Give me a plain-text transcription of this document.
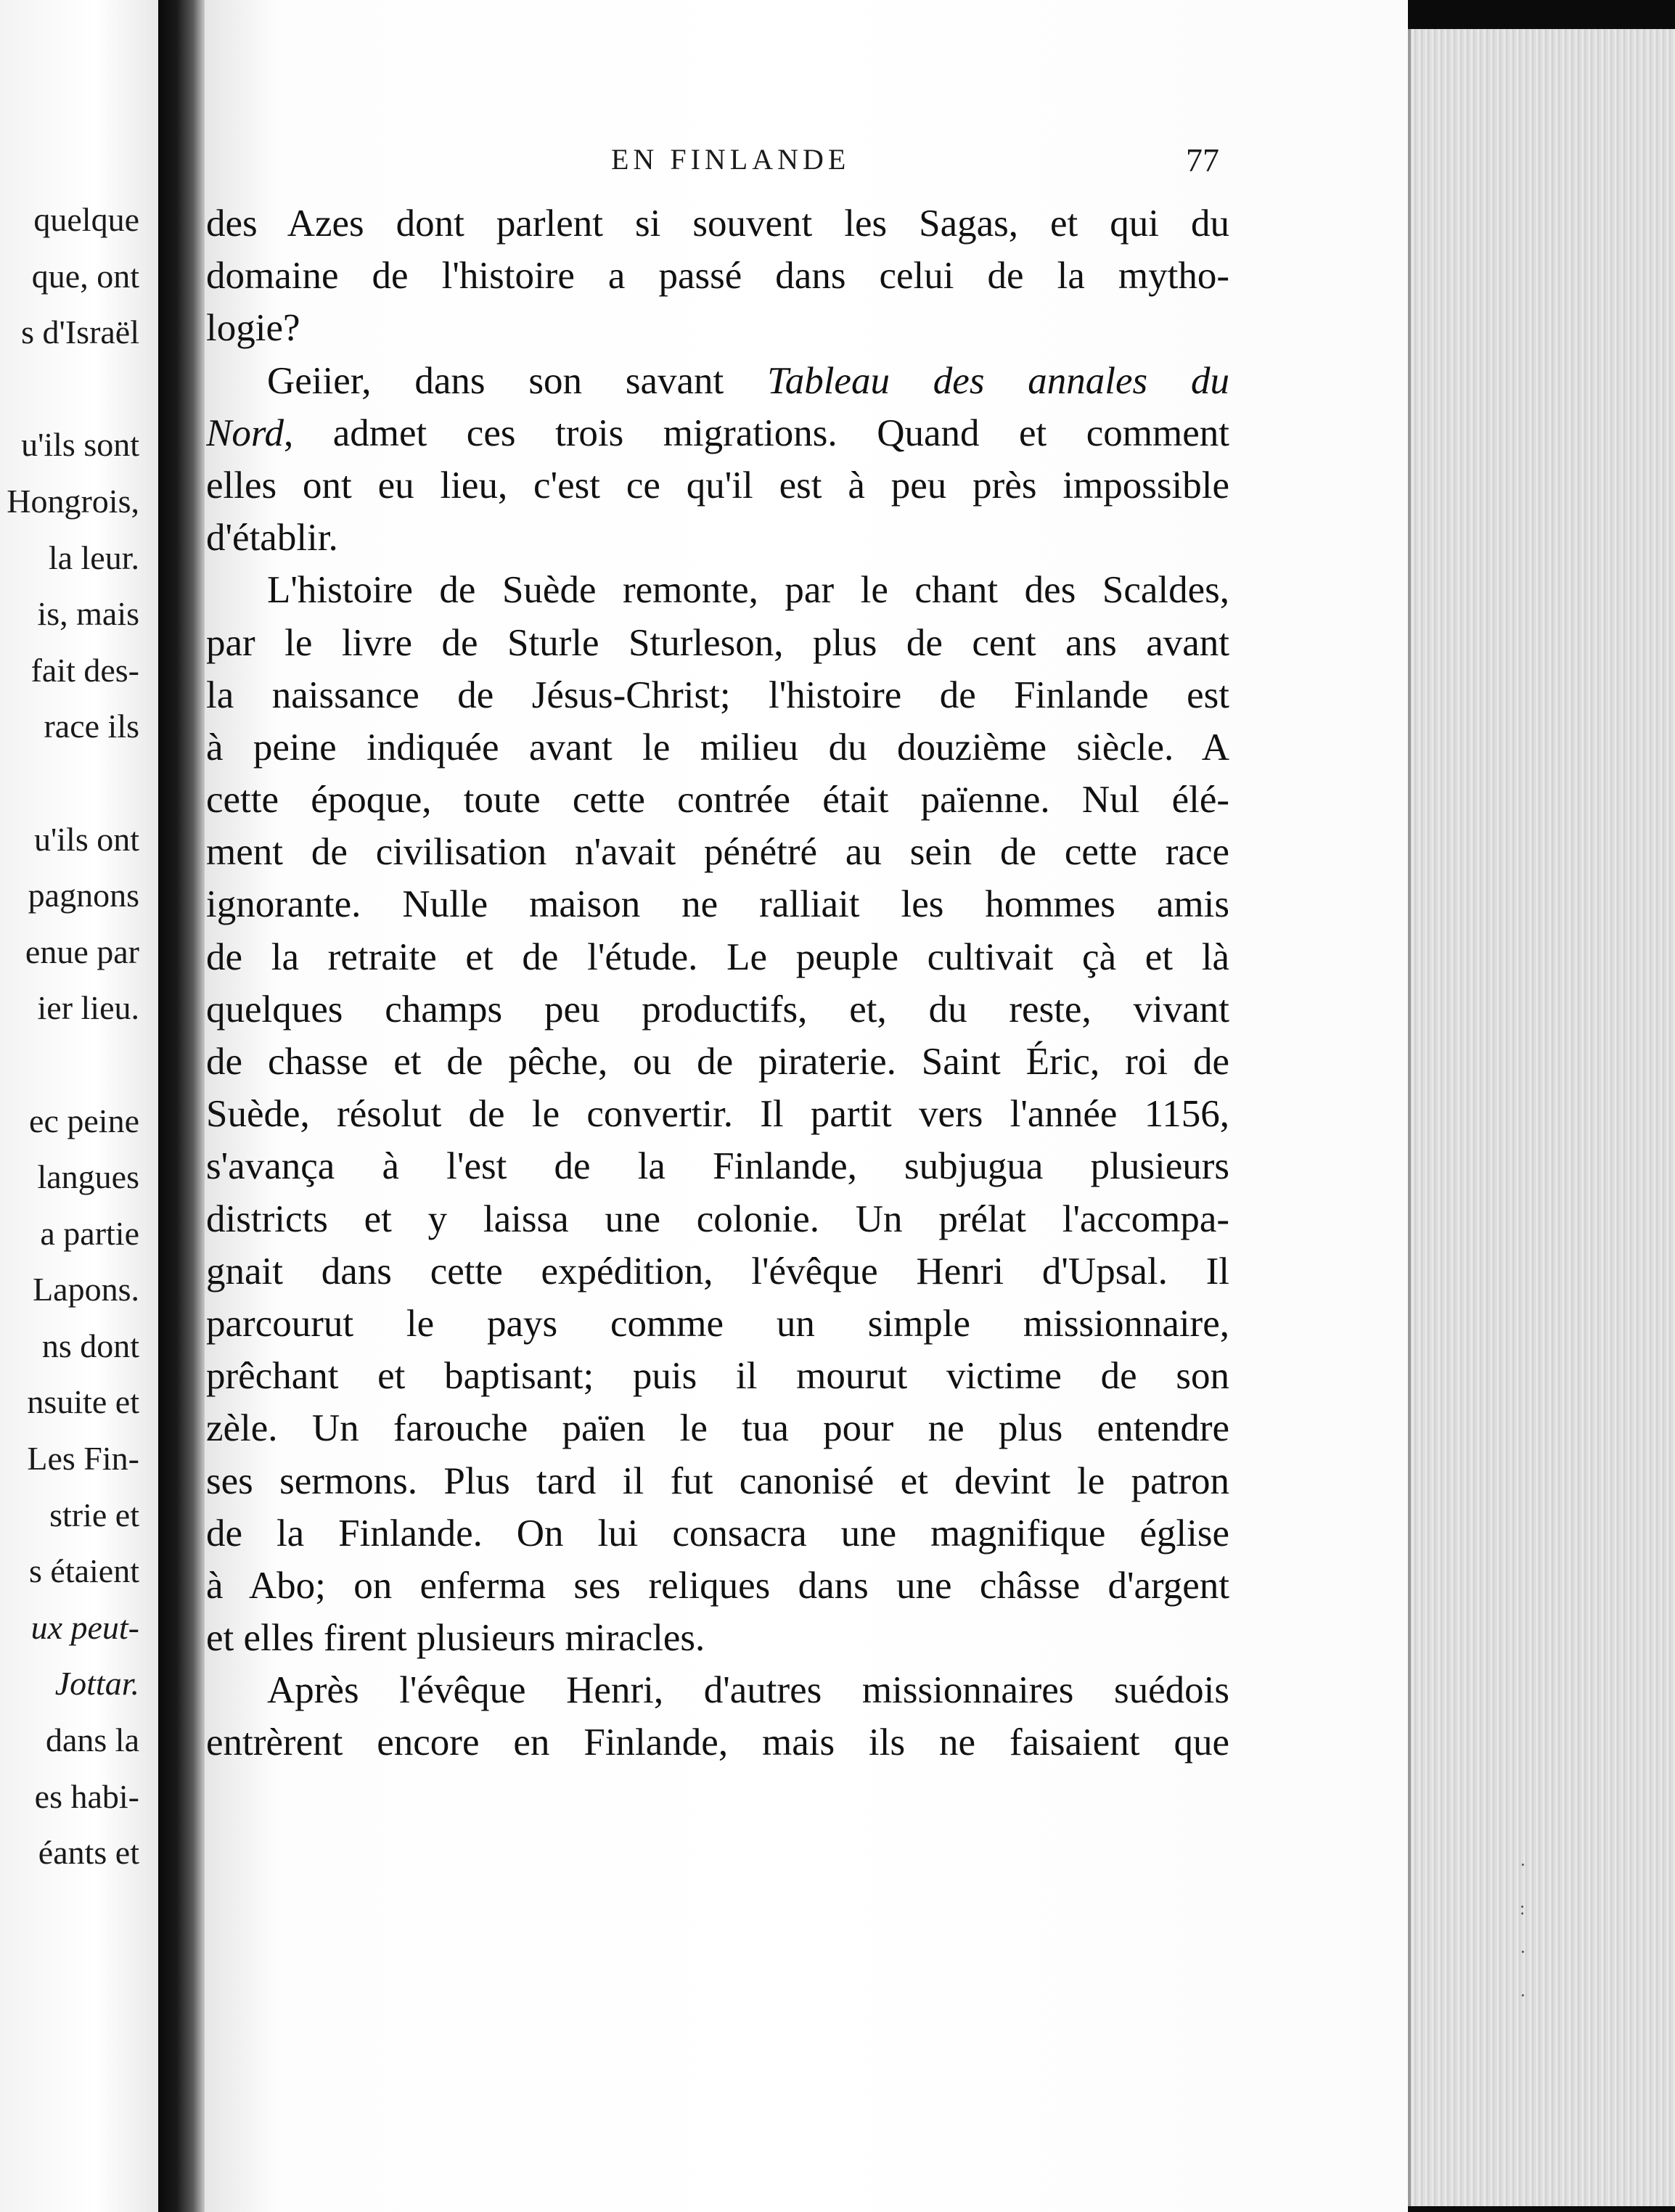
quelque
que, ont
s d'Israël
u'ils sont
Hongrois,
la leur.
is, mais
fait des-
race ils
u'ils ont
pagnons
enue par
ier lieu.
ec peine
langues
a partie
Lapons.
ns dont
nsuite et
Les Fin-
strie et
s étaient
ux peut-
Jottar.
dans la
es habi-
éants et
EN FINLANDE	77
des Azes dont parlent si souvent les Sagas, et qui du
domaine de l'histoire a passé dans celui de la mytho-
logie?
Geiier, dans son savant Tableau des annales du
Nord, admet ces trois migrations. Quand et comment
elles ont eu lieu, c'est ce qu'il est à peu près impossible
d'établir.
L'histoire de Suède remonte, par le chant des Scaldes,
par le livre de Sturle Sturleson, plus de cent ans avant
la naissance de Jésus-Christ; l'histoire de Finlande est
à peine indiquée avant le milieu du douzième siècle. A
cette époque, toute cette contrée était païenne. Nul élé-
ment de civilisation n'avait pénétré au sein de cette race
ignorante. Nulle maison ne ralliait les hommes amis
de la retraite et de l'étude. Le peuple cultivait çà et là
quelques champs peu productifs, et, du reste, vivant
de chasse et de pêche, ou de piraterie. Saint Éric, roi de
Suède, résolut de le convertir. Il partit vers l'année 1156,
s'avança à l'est de la Finlande, subjugua plusieurs
districts et y laissa une colonie. Un prélat l'accompa-
gnait dans cette expédition, l'évêque Henri d'Upsal. Il
parcourut le pays comme un simple missionnaire,
prêchant et baptisant; puis il mourut victime de son
zèle. Un farouche païen le tua pour ne plus entendre
ses sermons. Plus tard il fut canonisé et devint le patron
de la Finlande. On lui consacra une magnifique église
à Abo; on enferma ses reliques dans une châsse d'argent
et elles firent plusieurs miracles.
Après l'évêque Henri, d'autres missionnaires suédois
entrèrent encore en Finlande, mais ils ne faisaient que
·
:
·
·
